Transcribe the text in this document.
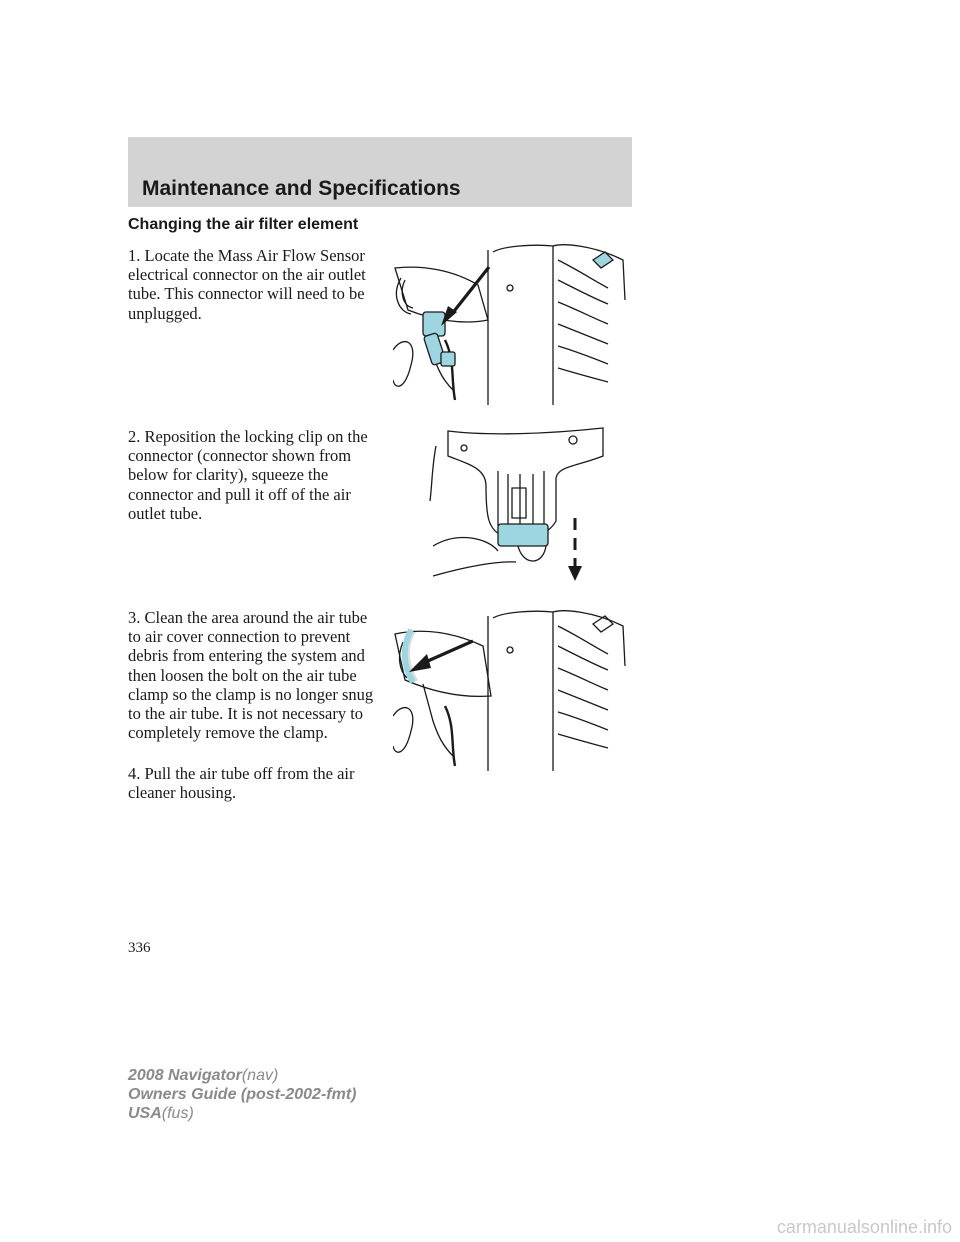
Maintenance and Specifications
Changing the air filter element

1. Locate the Mass Air Flow Sensor electrical connector on the air outlet tube. This connector will need to be unplugged.

2. Reposition the locking clip on the connector (connector shown from below for clarity), squeeze the connector and pull it off of the air outlet tube.

3. Clean the area around the air tube to air cover connection to prevent debris from entering the system and then loosen the bolt on the air tube clamp so the clamp is no longer snug to the air tube. It is not necessary to completely remove the clamp.

4. Pull the air tube off from the air cleaner housing.

336
2008 Navigator(nav)
Owners Guide (post-2002-fmt)
USA(fus)
carmanualsonline.info
